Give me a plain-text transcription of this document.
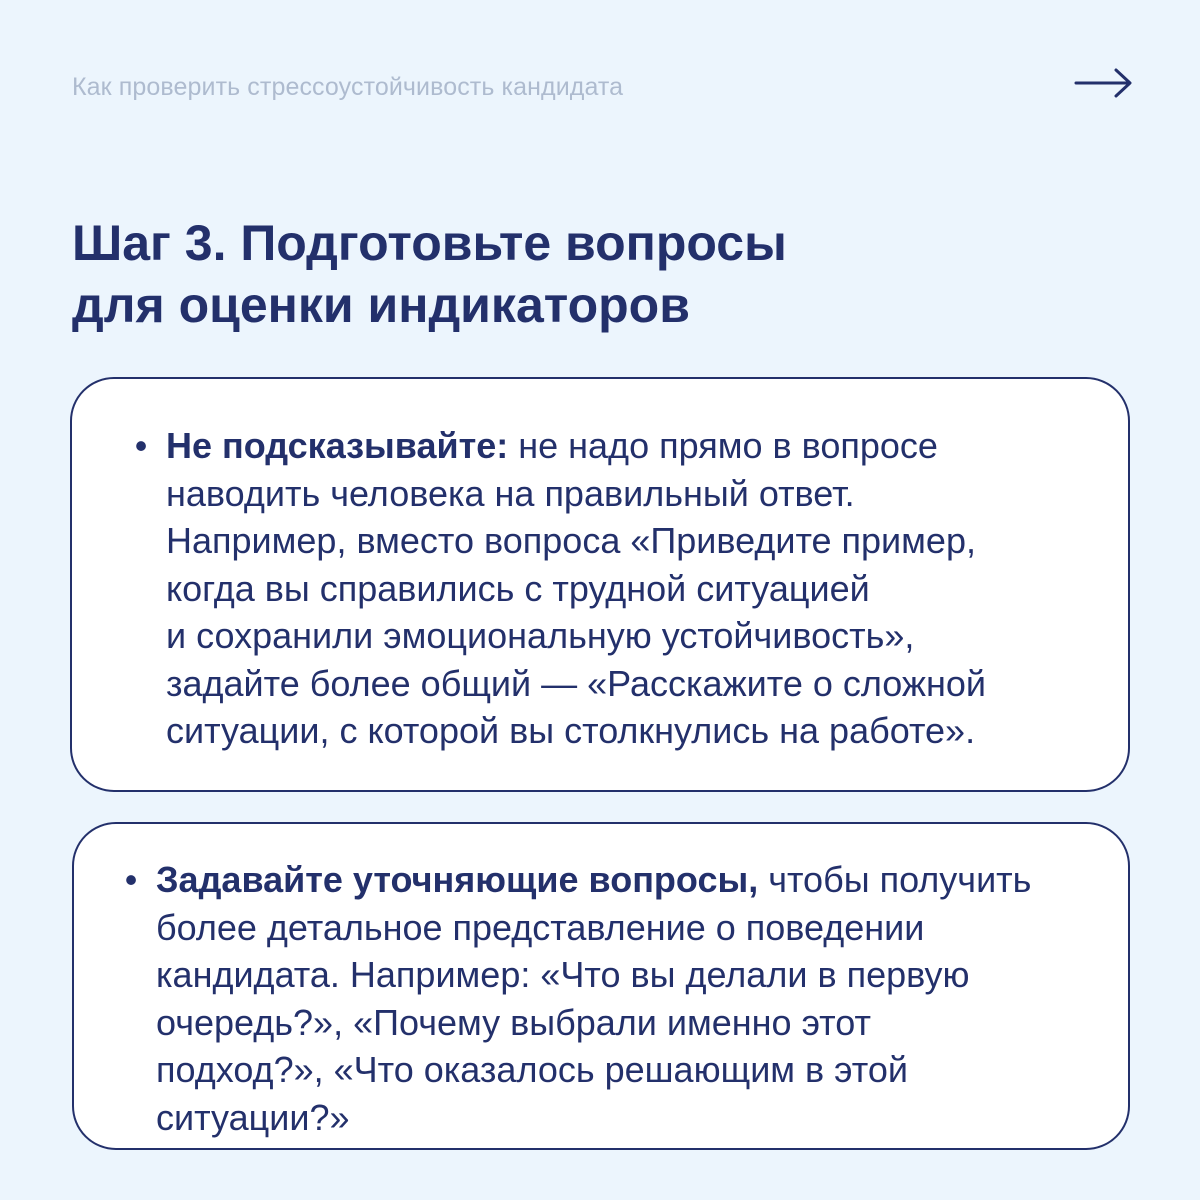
Как проверить стрессоустойчивость кандидата
Шаг 3. Подготовьте вопросы
для оценки индикаторов
• Не подсказывайте: не надо прямо в вопросе
наводить человека на правильный ответ.
Например, вместо вопроса «Приведите пример,
когда вы справились с трудной ситуацией
и сохранили эмоциональную устойчивость»,
задайте более общий — «Расскажите о сложной
ситуации, с которой вы столкнулись на работе».
• Задавайте уточняющие вопросы, чтобы получить
более детальное представление о поведении
кандидата. Например: «Что вы делали в первую
очередь?», «Почему выбрали именно этот
подход?», «Что оказалось решающим в этой
ситуации?»
